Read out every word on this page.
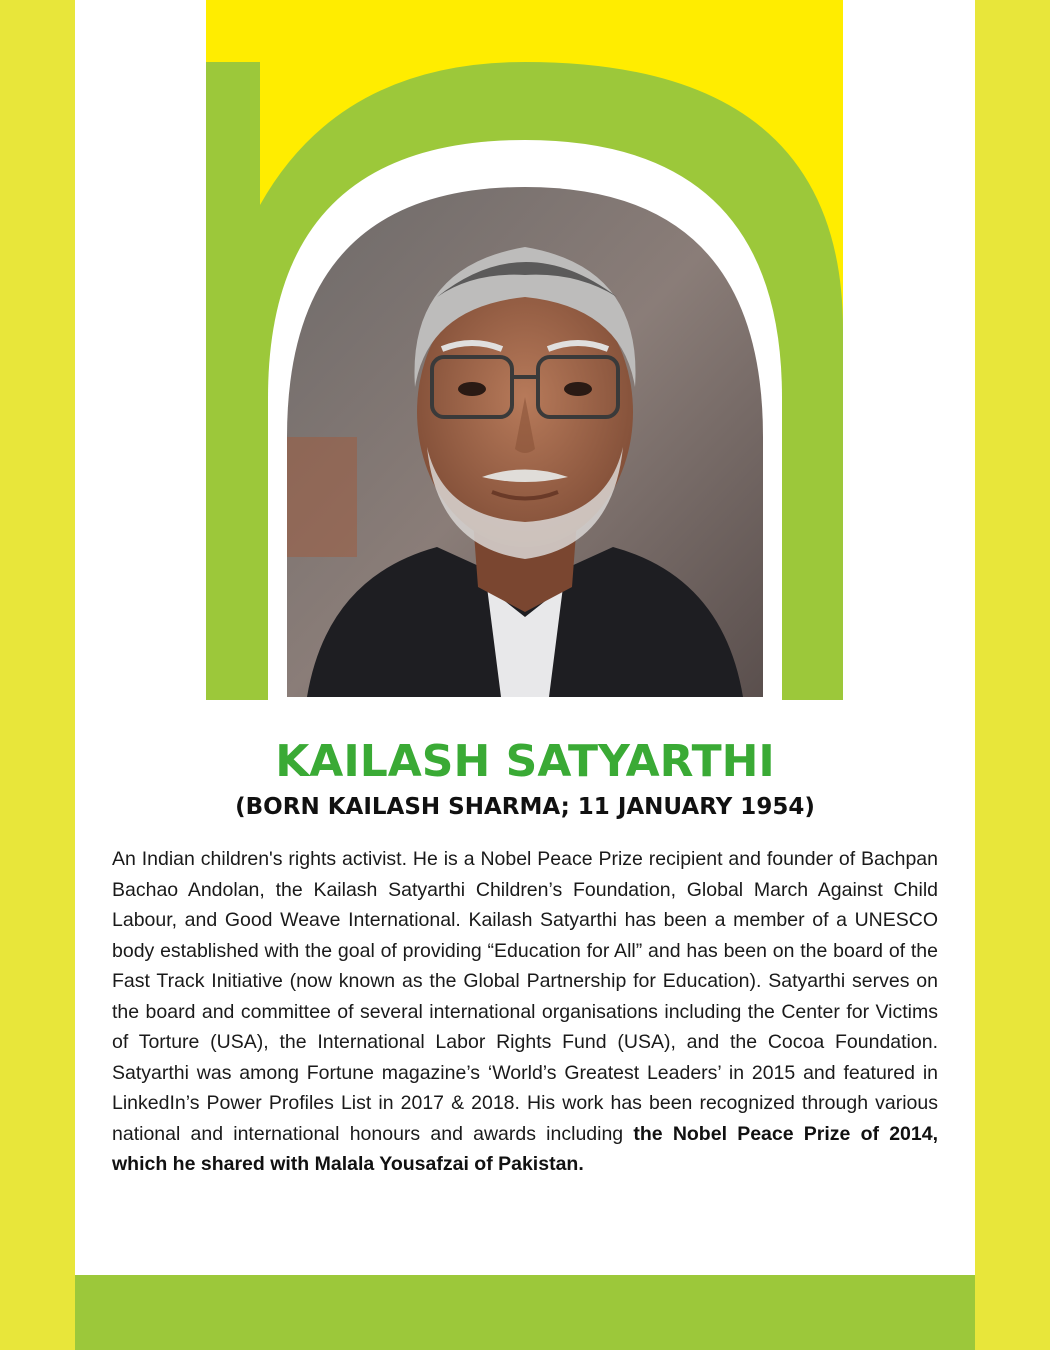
KAILASH SATYARTHI
(BORN KAILASH SHARMA; 11 JANUARY 1954)

An Indian children's rights activist. He is a Nobel Peace Prize recipient and founder of Bachpan Bachao Andolan, the Kailash Satyarthi Children’s Foundation, Global March Against Child Labour, and Good Weave International. Kailash Satyarthi has been a member of a UNESCO body established with the goal of providing “Education for All” and has been on the board of the Fast Track Initiative (now known as the Global Partnership for Education). Satyarthi serves on the board and committee of several international organisations including the Center for Victims of Torture (USA), the International Labor Rights Fund (USA), and the Cocoa Foundation. Satyarthi was among Fortune magazine’s ‘World’s Greatest Leaders’ in 2015 and featured in LinkedIn’s Power Profiles List in 2017 & 2018. His work has been recognized through various national and international honours and awards including the Nobel Peace Prize of 2014, which he shared with Malala Yousafzai of Pakistan.
